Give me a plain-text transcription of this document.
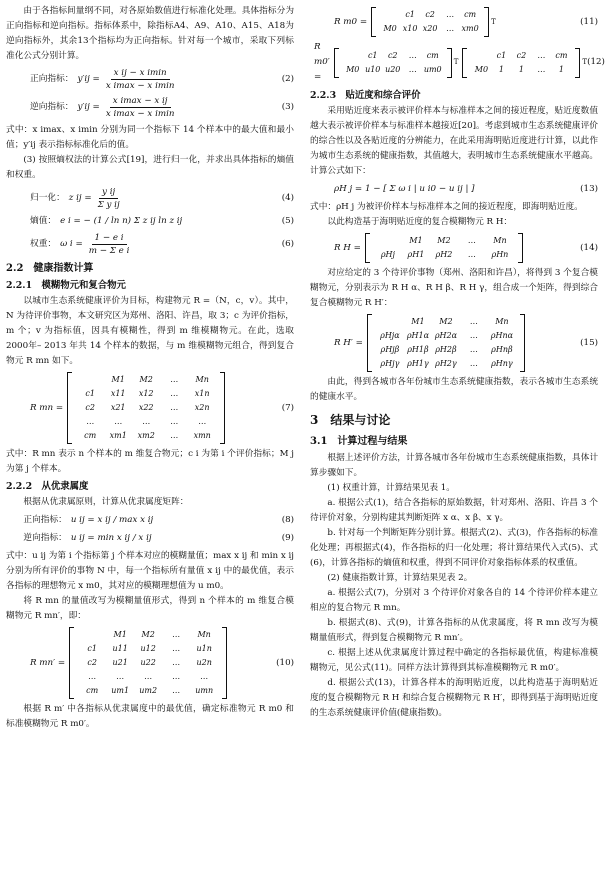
由于各指标间量纲不同，对各原始数值进行标准化处理。具体指标分为正向指标和逆向指标。指标体系中，除指标A4、A9、A10、A15、A18为逆向指标外，其余13个指标均为正向指标。针对每一个城市，采取下列标准化公式分别计算。

正向指标： $y'ij = \frac{\text{x ij − x imin}}{\text{x imax − x imin}}$	(2)
逆向指标： $y'ij = \frac{\text{x imax − x ij}}{\text{x imax − x imin}}$	(3)

式中：x imax、x imin 分别为同一个指标下 14 个样本中的最大值和最小值；y′ij 表示指标标准化后的值。

(3) 按照熵权法的计算公式[19]，进行归一化，并求出具体指标的熵值和权重。

归一化： z ij = $\frac{\text{y ij}}{\text{Σ y ij}}$	(4)
熵值： e i = − (1 / ln n) Σ z ij ln z ij	(5)
权重： ω $i = \frac{\text{1 − e i}}{\text{m − Σ e i}}$	(6)
2.2　健康指数计算
2.2.1　模糊物元和复合物元

以城市生态系统健康评价为目标，构建物元 R =（N，c，v）。其中，N 为待评价事物，本文研究区为郑州、洛阳、许昌，取 3；c 为评价指标，m 个；v 为指标值，因具有模糊性，得到 m 维模糊物元。在此，选取 2000年– 2013 年共 14 个样本的数据，与 m 维模糊物元组合，得到复合物元 R mn 如下。

R mn =
M1	M2	…	Mn
c1	x11	x12	…	x1n
c2	x21	x22	…	x2n
…	…	…	…	…
cm	xm1	xm2	…	xmn
(7)

式中：R mn 表示 n 个样本的 m 维复合物元；c i 为第 i 个评价指标；M j 为第 j 个样本。

2.2.2　从优隶属度

根据从优隶属原则，计算从优隶属度矩阵：

正向指标： u ij = x ij / max x ij	(8)
逆向指标： u ij = min x ij / x ij	(9)

式中：u ij 为第 i 个指标第 j 个样本对应的模糊量值；max x ij 和 min x ij 分别为所有评价的事物 N 中，每一个指标所有量值 x ij 中的最优值，表示各指标的理想物元 x m0，其对应的模糊理想值为 u m0。

将 R mn 的量值改写为模糊量值形式，得到 n 个样本的 m 维复合模糊物元 R mn′，即：

R mn′ =
M1	M2	…	Mn
c1	u11	u12	…	u1n
c2	u21	u22	…	u2n
…	…	…	…	…
cm	um1	um2	…	umn
(10)

根据 R m′ 中各指标从优隶属度中的最优值，确定标准物元 R m0 和标准模糊物元 R m0′。

R m0 =
c1	c2	…	cm
M0 x10 x20	… xm0
T	(11)
R m0′ =
c1	c2	…	cm
M0 u10 u20	… um0
T
c1	c2	…	cm
M0	1	1	…	1
T (12)
2.2.3　贴近度和综合评价

采用贴近度来表示被评价样本与标准样本之间的接近程度，贴近度数值越大表示被评价样本与标准样本越接近[20]。考虑到城市生态系统健康评价的综合性以及各贴近度的分辨能力，在此采用海明贴近度进行计算，以此作为城市生态系统的健康指数，其值越大，表明城市生态系统健康水平越高。计算公式如下：

ρH j = 1 − [ Σ ω i | u i0 − u ij | ]	(13)

式中：ρH j 为被评价样本与标准样本之间的接近程度，即海明贴近度。

以此构造基于海明贴近度的复合模糊物元 R H：

R H =
M1	M2	…	Mn
ρHj	ρH1	ρH2	…	ρHn
(14)

对应给定的 3 个待评价事物（郑州、洛阳和许昌），将得到 3 个复合模糊物元，分别表示为 R H α、R H β、R H γ，组合成一个矩阵，得到综合复合模糊物元 R H′：

R H′ =
M1	M2	…	Mn
ρHjα ρH1α ρH2α	…	ρHnα
ρHjβ ρH1β ρH2β	…	ρHnβ
ρHjγ ρH1γ ρH2γ	…	ρHnγ
(15)

由此，得到各城市各年份城市生态系统健康指数，表示各城市生态系统的健康水平。

3　结果与讨论
3.1　计算过程与结果

根据上述评价方法，计算各城市各年份城市生态系统健康指数，具体计算步骤如下。

(1) 权重计算，计算结果见表 1。

a. 根据公式(1)，结合各指标的原始数据，针对郑州、洛阳、许昌 3 个待评价对象，分别构建其判断矩阵 x α、x β、x γ。

b. 针对每一个判断矩阵分别计算。根据式(2)、式(3)，作各指标的标准化处理；再根据式(4)，作各指标的归一化处理；将计算结果代入式(5)、式(6)，计算各指标的熵值和权重，得到不同评价对象指标体系的权重值。

(2) 健康指数计算，计算结果见表 2。

a. 根据公式(7)，分别对 3 个待评价对象各自的 14 个待评价样本建立相应的复合物元 R mn。

b. 根据式(8)、式(9)，计算各指标的从优隶属度，将 R mn 改写为模糊量值形式，得到复合模糊物元 R mn′。

c. 根据上述从优隶属度计算过程中确定的各指标最优值，构建标准模糊物元，见公式(11)。同样方法计算得到其标准模糊物元 R m0′。

d. 根据公式(13)，计算各样本的海明贴近度，以此构造基于海明贴近度的复合模糊物元 R H 和综合复合模糊物元 R H′，即得到基于海明贴近度的生态系统健康评价值(健康指数)。
